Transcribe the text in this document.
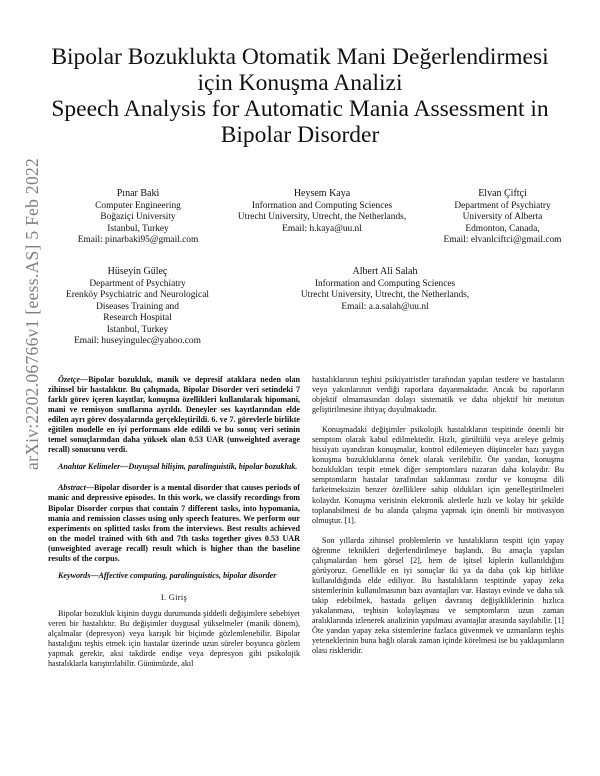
Bipolar Bozuklukta Otomatik Mani Değerlendirmesi
için Konuşma Analizi
Speech Analysis for Automatic Mania Assessment in
Bipolar Disorder
arXiv:2202.06766v1 [eess.AS] 5 Feb 2022	Pınar Baki
Computer Engineering
Boğaziçi University
Istanbul, Turkey
Email: pinarbaki95@gmail.com
Heysem Kaya
Information and Computing Sciences
Utrecht University, Utrecht, the Netherlands,
Email: h.kaya@uu.nl
Elvan Çiftçi
Department of Psychiatry
University of Alberta
Edmonton, Canada,
Email: elvanlciftci@gmail.com
Hüseyin Güleç
Department of Psychiatry
Erenköy Psychiatric and Neurological
Diseases Training and
Research Hospital
Istanbul, Turkey
Email: huseyingulec@yahoo.com
Albert Ali Salah
Information and Computing Sciences
Utrecht University, Utrecht, the Netherlands,
Email: a.a.salah@uu.nl

Özetçe—Bipolar bozukluk, manik ve depresif ataklara neden olan zihinsel bir hastalıktır. Bu çalışmada, Bipolar Disorder veri setindeki 7 farklı görev içeren kayıtlar, konuşma özellikleri kullanılarak hipomani, mani ve remisyon sınıflarına ayrıldı. Deneyler ses kayıtlarından elde edilen ayrı görev dosyalarında gerçekleştirildi. 6. ve 7. görevlerle birlikte eğitilen modelle en iyi performans elde edildi ve bu sonuç veri setinin temel sonuçlarından daha yüksek olan 0.53 UAR (unweighted average recall) sonucunu verdi.

Anahtar Kelimeler—Duyuşsal bilişim, paralinguistik, bipolar bozukluk.

Abstract—Bipolar disorder is a mental disorder that causes periods of manic and depressive episodes. In this work, we classify recordings from Bipolar Disorder corpus that contain 7 different tasks, into hypomania, mania and remission classes using only speech features. We perform our experiments on splitted tasks from the interviews. Best results achieved on the model trained with 6th and 7th tasks together gives 0.53 UAR (unweighted average recall) result which is higher than the baseline results of the corpus.

Keywords—Affective computing, paralinguistics, bipolar disorder

I. Giriş

Bipolar bozukluk kişinin duygu durumunda şiddetli değişimlere sebebiyet veren bir hastalıktır. Bu değişimler duygusal yükselmeler (manik dönem), alçalmalar (depresyon) veya karışık bir biçimde gözlemlenebilir. Bipolar hastalığını teşhis etmek için hastalar üzerinde uzun süreler boyunca gözlem yapmak gerekir, aksi takdirde endişe veya depresyon gibi psikolojik hastalıklarla karıştırılabilir. Günümüzde, akıl

hastalıklarının teşhisi psikiyatristler tarafından yapılan testlere ve hastaların veya yakınlarının verdiği raporlara dayanmaktadır. Ancak bu raporların objektif olmamasından dolayı sistematik ve daha objektif bir metotun geliştirilmesine ihtiyaç duyulmaktadır.

Konuşmadaki değişimler psikolojik hastalıkların tespitinde önemli bir semptom olarak kabul edilmektedir. Hızlı, gürültülü veya aceleye gelmiş hissiyatı uyandıran konuşmalar, kontrol edilemeyen düşünceler bazı yaygın konuşma bozukluklarına örnek olarak verilebilir. Öte yandan, konuşma bozuklukları tespit etmek diğer semptomlara nazaran daha kolaydır. Bu semptomların hastalar tarafından saklanması zordur ve konuşma dili farketmeksizin benzer özelliklere sahip oldukları için genelleştirilmeleri kolaydır. Konuşma verisinin elektronik aletlerle hızlı ve kolay bir şekilde toplanabilmesi de bu alanda çalışma yapmak için önemli bir motivasyon olmuştur. [1].

Son yıllarda zihinsel problemlerin ve hastalıkların tespiti için yapay öğrenme teknikleri değerlendirilmeye başlandı. Bu amaçla yapılan çalışmalardan hem görsel [2], hem de işitsel kiplerin kullanıldığını görüyoruz. Genellikle en iyi sonuçlar iki ya da daha çok kip birlikte kullanıldığında elde ediliyor. Bu hastalıkların tespitinde yapay zeka sistemlerinin kullanılmasının bazı avantajları var. Hastayı evinde ve daha sık takip edebilmek, hastada gelişen davranış değişikliklerinin hızlıca yakalanması, teşhisin kolaylaşması ve semptomların uzun zaman aralıklarında izlenerek analizinin yapılması avantajlar arasında sayılabilir. [1] Öte yandan yapay zeka sistemlerine fazlaca güvenmek ve uzmanların teşhis yeteneklerinin buna bağlı olarak zaman içinde körelmesi ise bu yaklaşımların olası riskleridir.
